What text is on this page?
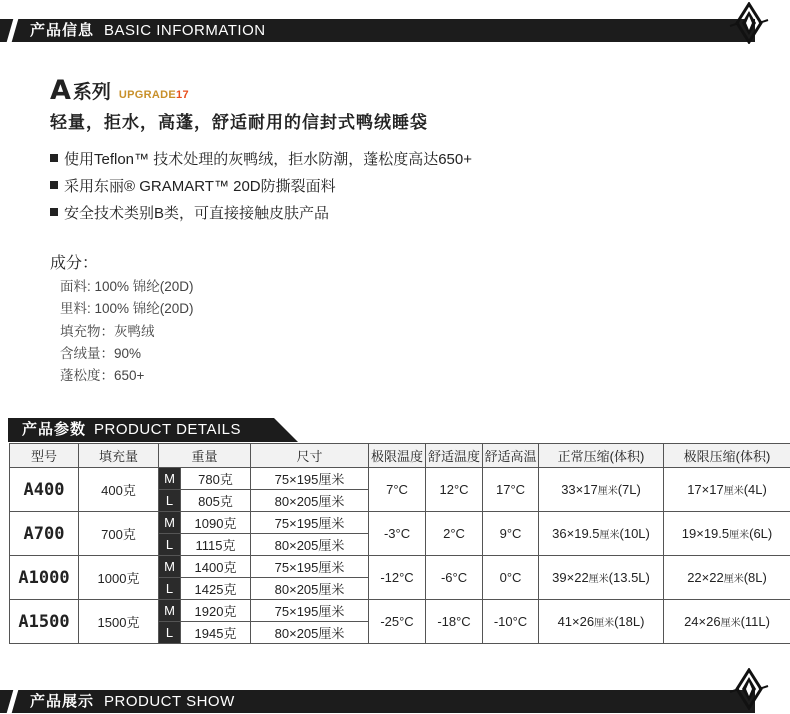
产品信息 BASIC INFORMATION
A 系列 UPGRADE17
轻量，拒水，高蓬，舒适耐用的信封式鸭绒睡袋
使用Teflon™ 技术处理的灰鸭绒，拒水防潮，蓬松度高达650+
采用东丽® GRAMART™ 20D防撕裂面料
安全技术类别B类，可直接接触皮肤产品
成分：
面料: 100% 锦纶(20D)
里料: 100% 锦纶(20D)
填充物：灰鸭绒
含绒量：90%
蓬松度：650+
产品参数 PRODUCT DETAILS
型号	填充量	重量		尺寸	极限温度	舒适温度	舒适高温	正常压缩(体积)	极限压缩(体积)
A400	400克	M	780克	75×195厘米	7°C	12°C	17°C	33×17厘米(7L)	17×17厘米(4L)
		L	805克	80×205厘米					
A700	700克	M	1090克	75×195厘米	-3°C	2°C	9°C	36×19.5厘米(10L)	19×19.5厘米(6L)
		L	1115克	80×205厘米					
A1000	1000克	M	1400克	75×195厘米	-12°C	-6°C	0°C	39×22厘米(13.5L)	22×22厘米(8L)
		L	1425克	80×205厘米					
A1500	1500克	M	1920克	75×195厘米	-25°C	-18°C	-10°C	41×26厘米(18L)	24×26厘米(11L)
		L	1945克	80×205厘米					
产品展示 PRODUCT SHOW
